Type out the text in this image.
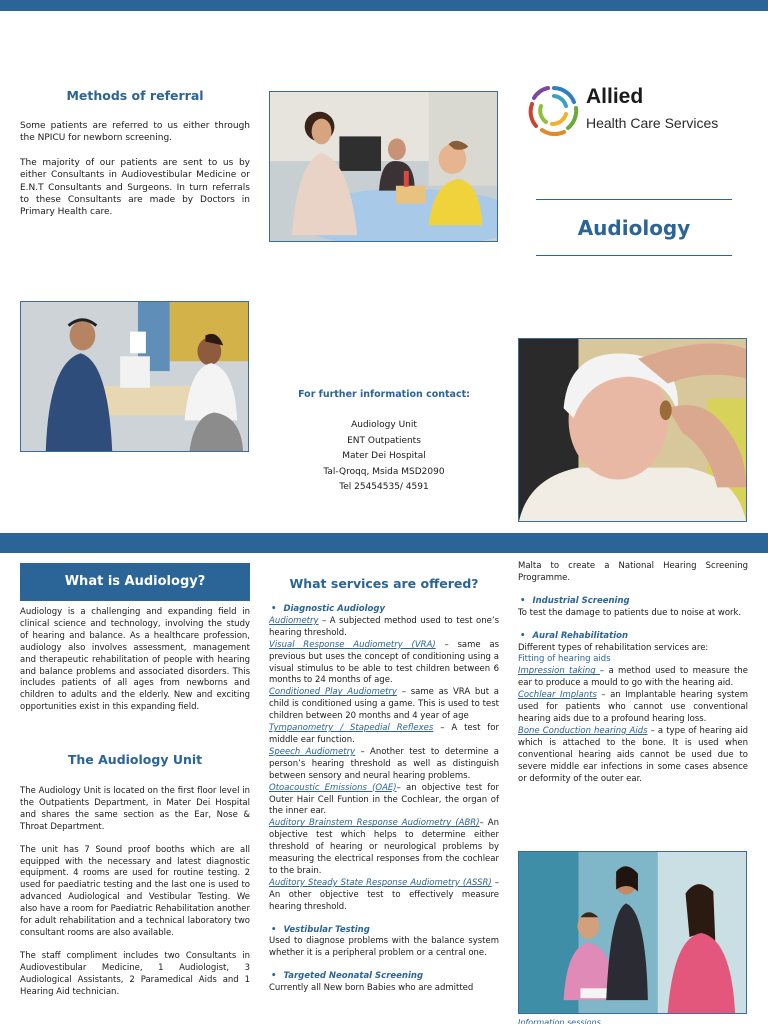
Methods of referral

Some patients are referred to us either through the NPICU for newborn screening.

The majority of our patients are sent to us by either Consultants in Audiovestibular Medicine or E.N.T Consultants and Surgeons. In turn referrals to these Consultants are made by Doctors in Primary Health care.

Allied
Health Care Services
Audiology
For further information contact:
Audiology Unit
ENT Outpatients
Mater Dei Hospital
Tal-Qroqq, Msida MSD2090
Tel 25454535/ 4591
What is Audiology?
Audiology is a challenging and expanding field in clinical science and technology, involving the study of hearing and balance. As a healthcare profession, audiology also involves assessment, management and therapeutic rehabilitation of people with hearing and balance problems and associated disorders. This includes patients of all ages from newborns and children to adults and the elderly. New and exciting opportunities exist in this expanding field.
The Audiology Unit

The Audiology Unit is located on the first floor level in the Outpatients Department, in Mater Dei Hospital and shares the same section as the Ear, Nose & Throat Department.

The unit has 7 Sound proof booths which are all equipped with the necessary and latest diagnostic equipment. 4 rooms are used for routine testing. 2 used for paediatric testing and the last one is used to advanced Audiological and Vestibular Testing. We also have a room for Paediatric Rehabilitation another for adult rehabilitation and a technical laboratory two consultant rooms are also available.

The staff compliment includes two Consultants in Audiovestibular Medicine, 1 Audiologist, 3 Audiological Assistants, 2 Paramedical Aids and 1 Hearing Aid technician.

What services are offered?
• Diagnostic Audiology
Audiometry – A subjected method used to test one’s hearing threshold.
Visual Response Audiometry (VRA) – same as previous but uses the concept of conditioning using a visual stimulus to be able to test children between 6 months to 24 months of age.
Conditioned Play Audiometry – same as VRA but a child is conditioned using a game. This is used to test children between 20 months and 4 year of age
Tympanometry / Stapedial Reflexes – A test for middle ear function.
Speech Audiometry – Another test to determine a person’s hearing threshold as well as distinguish between sensory and neural hearing problems.
Otoacoustic Emissions (OAE)– an objective test for Outer Hair Cell Funtion in the Cochlear, the organ of the inner ear.
Auditory Brainstem Response Audiometry (ABR)– An objective test which helps to determine either threshold of hearing or neurological problems by measuring the electrical responses from the cochlear to the brain.
Auditory Steady State Response Audiometry (ASSR) – An other objective test to effectively measure hearing threshold.
• Vestibular Testing
Used to diagnose problems with the balance system whether it is a peripheral problem or a central one.
• Targeted Neonatal Screening
Currently all New born Babies who are admitted
Malta to create a National Hearing Screening Programme.
• Industrial Screening
To test the damage to patients due to noise at work.
• Aural Rehabilitation
Different types of rehabilitation services are:
Fitting of hearing aids
Impression taking – a method used to measure the ear to produce a mould to go with the hearing aid.
Cochlear Implants – an Implantable hearing system used for patients who cannot use conventional hearing aids due to a profound hearing loss.
Bone Conduction hearing Aids – a type of hearing aid which is attached to the bone. It is used when conventional hearing aids cannot be used due to severe middle ear infections in some cases absence or deformity of the outer ear.
Information sessions
